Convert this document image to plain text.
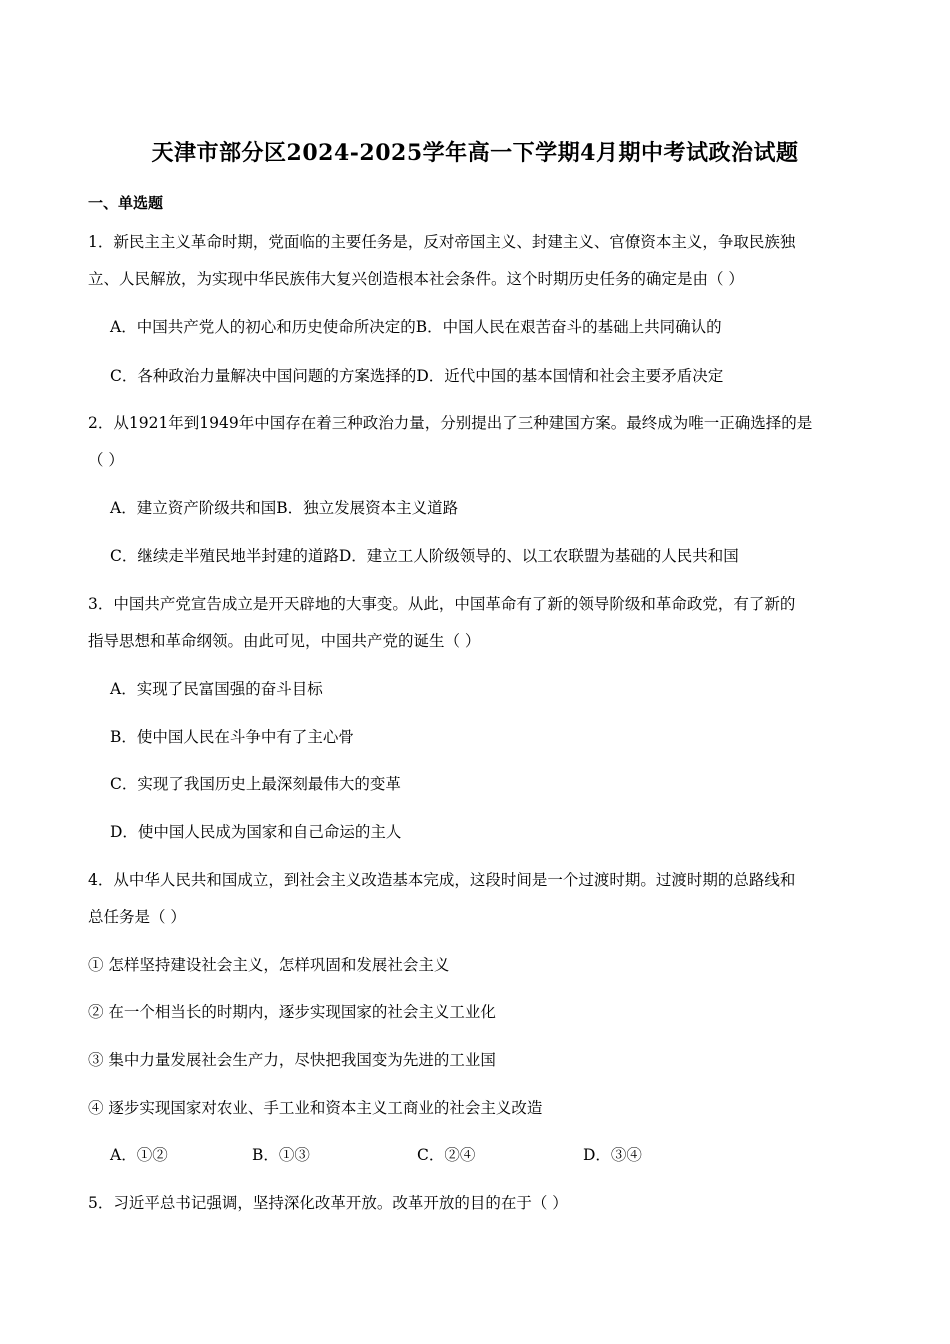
天津市部分区2024-2025学年高一下学期4月期中考试政治试题
一、单选题
1．新民主主义革命时期，党面临的主要任务是，反对帝国主义、封建主义、官僚资本主义，争取民族独
立、人民解放，为实现中华民族伟大复兴创造根本社会条件。这个时期历史任务的确定是由（ ）
A．中国共产党人的初心和历史使命所决定的B．中国人民在艰苦奋斗的基础上共同确认的
C．各种政治力量解决中国问题的方案选择的D．近代中国的基本国情和社会主要矛盾决定
2．从1921年到1949年中国存在着三种政治力量，分别提出了三种建国方案。最终成为唯一正确选择的是
（ ）
A．建立资产阶级共和国B．独立发展资本主义道路
C．继续走半殖民地半封建的道路D．建立工人阶级领导的、以工农联盟为基础的人民共和国
3．中国共产党宣告成立是开天辟地的大事变。从此，中国革命有了新的领导阶级和革命政党，有了新的
指导思想和革命纲领。由此可见，中国共产党的诞生（ ）
A．实现了民富国强的奋斗目标
B．使中国人民在斗争中有了主心骨
C．实现了我国历史上最深刻最伟大的变革
D．使中国人民成为国家和自己命运的主人
4．从中华人民共和国成立，到社会主义改造基本完成，这段时间是一个过渡时期。过渡时期的总路线和
总任务是（ ）
① 怎样坚持建设社会主义，怎样巩固和发展社会主义
② 在一个相当长的时期内，逐步实现国家的社会主义工业化
③ 集中力量发展社会生产力，尽快把我国变为先进的工业国
④ 逐步实现国家对农业、手工业和资本主义工商业的社会主义改造
A．①②	B．①③	C．②④	D．③④
5．习近平总书记强调，坚持深化改革开放。改革开放的目的在于（ ）
